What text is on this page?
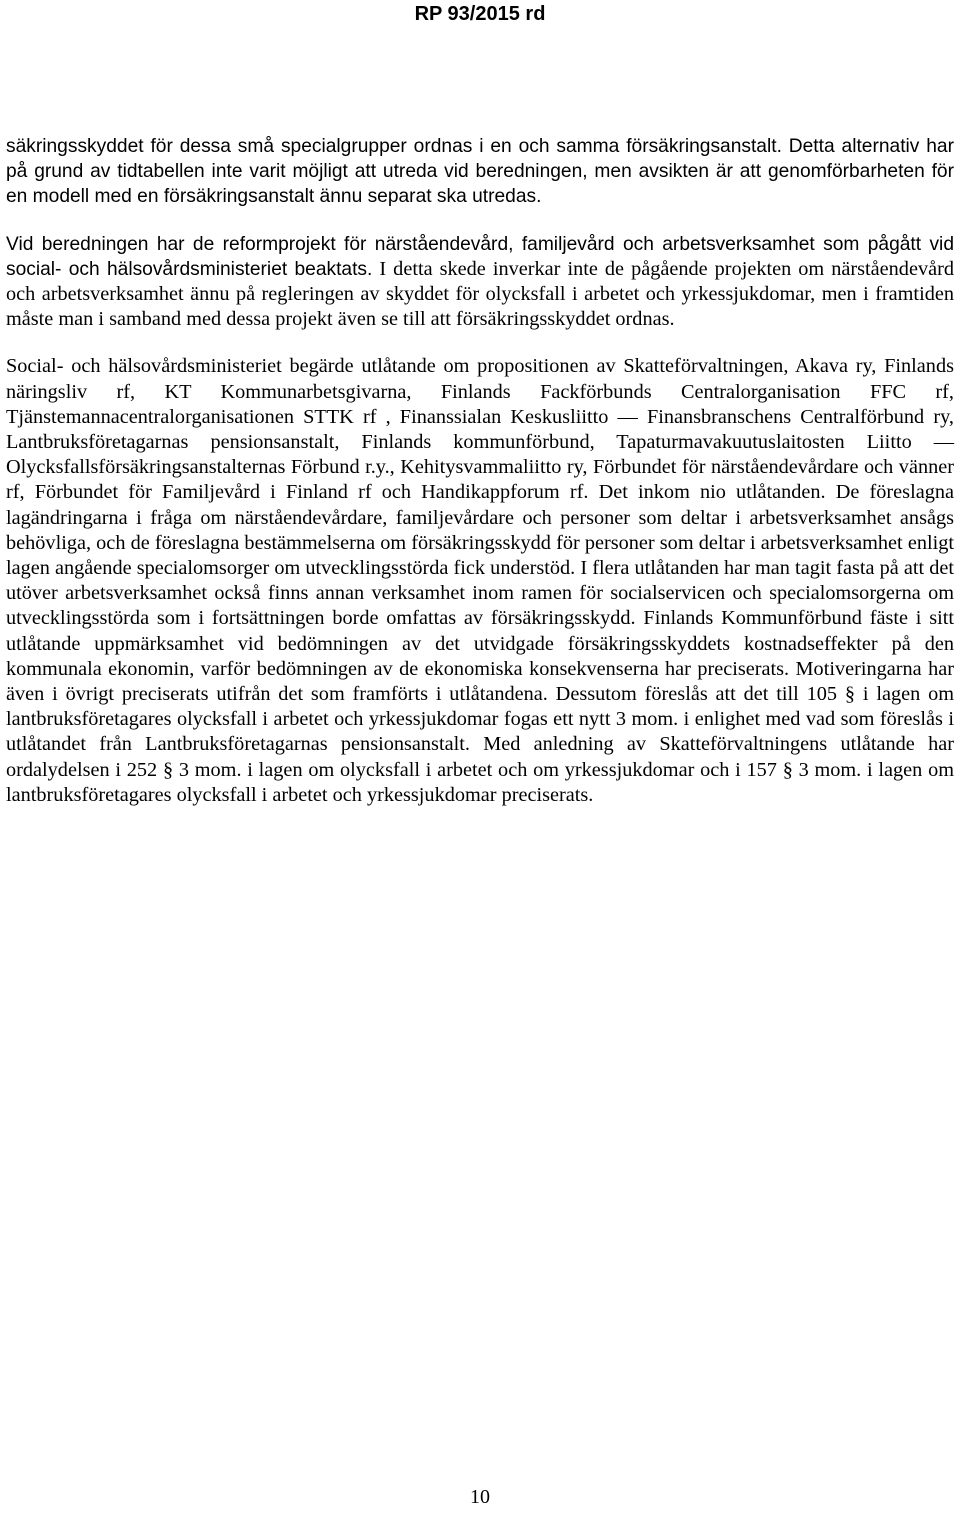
RP 93/2015 rd

säkringsskyddet för dessa små specialgrupper ordnas i en och samma försäkringsanstalt. Detta alternativ har på grund av tidtabellen inte varit möjligt att utreda vid beredningen, men avsikten är att genomförbarheten för en modell med en försäkringsanstalt ännu separat ska utredas.

Vid beredningen har de reformprojekt för närståendevård, familjevård och arbetsverksamhet som pågått vid social- och hälsovårdsministeriet beaktats. I detta skede inverkar inte de pågående projekten om närståendevård och arbetsverksamhet ännu på regleringen av skyddet för olycksfall i arbetet och yrkessjukdomar, men i framtiden måste man i samband med dessa projekt även se till att försäkringsskyddet ordnas.

Social- och hälsovårdsministeriet begärde utlåtande om propositionen av Skatteförvaltningen, Akava ry, Finlands näringsliv rf, KT Kommunarbetsgivarna, Finlands Fackförbunds Centralorganisation FFC rf, Tjänstemannacentralorganisationen STTK rf , Finanssialan Keskusliitto — Finansbranschens Centralförbund ry, Lantbruksföretagarnas pensionsanstalt, Finlands kommunförbund, Tapaturmavakuutuslaitosten Liitto — Olycksfallsförsäkringsanstalternas Förbund r.y., Kehitysvammaliitto ry, Förbundet för närståendevårdare och vänner rf, Förbundet för Familjevård i Finland rf och Handikappforum rf. Det inkom nio utlåtanden. De föreslagna lagändringarna i fråga om närståendevårdare, familjevårdare och personer som deltar i arbetsverksamhet ansågs behövliga, och de föreslagna bestämmelserna om försäkringsskydd för personer som deltar i arbetsverksamhet enligt lagen angående specialomsorger om utvecklingsstörda fick understöd. I flera utlåtanden har man tagit fasta på att det utöver arbetsverksamhet också finns annan verksamhet inom ramen för socialservicen och specialomsorgerna om utvecklingsstörda som i fortsättningen borde omfattas av försäkringsskydd. Finlands Kommunförbund fäste i sitt utlåtande uppmärksamhet vid bedömningen av det utvidgade försäkringsskyddets kostnadseffekter på den kommunala ekonomin, varför bedömningen av de ekonomiska konsekvenserna har preciserats. Motiveringarna har även i övrigt preciserats utifrån det som framförts i utlåtandena. Dessutom föreslås att det till 105 § i lagen om lantbruksföretagares olycksfall i arbetet och yrkessjukdomar fogas ett nytt 3 mom. i enlighet med vad som föreslås i utlåtandet från Lantbruksföretagarnas pensionsanstalt. Med anledning av Skatteförvaltningens utlåtande har ordalydelsen i 252 § 3 mom. i lagen om olycksfall i arbetet och om yrkessjukdomar och i 157 § 3 mom. i lagen om lantbruksföretagares olycksfall i arbetet och yrkessjukdomar preciserats.

10
